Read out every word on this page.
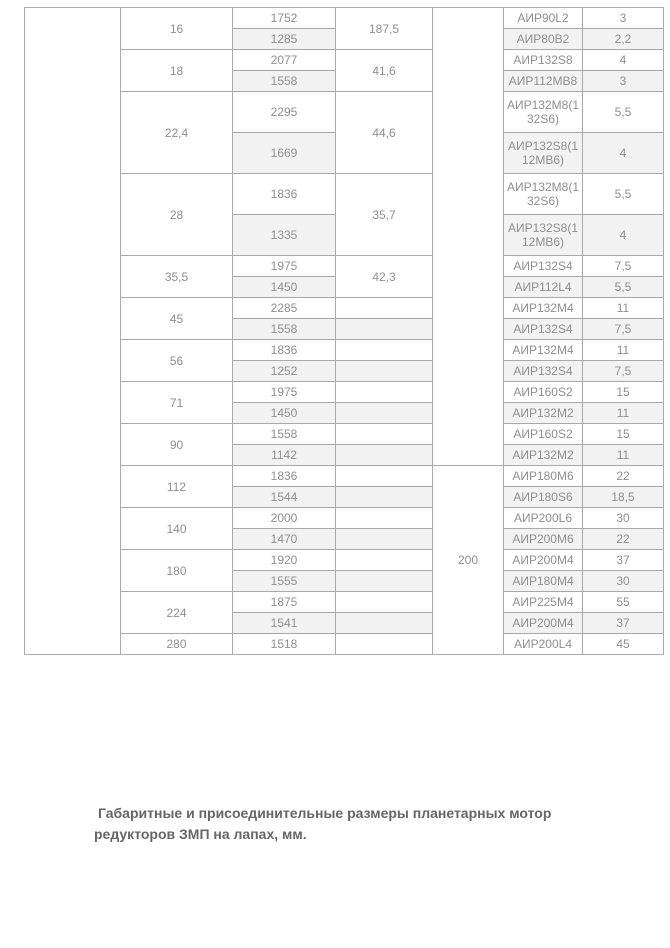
	16	1752	187,5		АИР90L2	3
		1285			АИР80В2	2,2
	18	2077	41,6		АИР132S8	4
		1558			АИР112МВ8	3
	22,4	2295	44,6		АИР132М8(132S6)	5,5
		1669			АИР132S8(112МВ6)	4
	28	1836	35,7		АИР132М8(132S6)	5,5
		1335			АИР132S8(112МВ6)	4
	35,5	1975	42,3		АИР132S4	7,5
		1450			АИР112L4	5,5
	45	2285			АИР132М4	11
		1558			АИР132S4	7,5
	56	1836			АИР132М4	11
		1252			АИР132S4	7,5
	71	1975			АИР160S2	15
		1450			АИР132М2	11
	90	1558			АИР160S2	15
		1142			АИР132М2	11
	112	1836		200	АИР180М6	22
		1544			АИР180S6	18,5
	140	2000			АИР200L6	30
		1470			АИР200М6	22
	180	1920			АИР200М4	37
		1555			АИР180М4	30
	224	1875			АИР225М4	55
		1541			АИР200М4	37
	280	1518			АИР200L4	45

Габаритные и присоединительные размеры планетарных мотор редукторов ЗМП на лапах, мм.
